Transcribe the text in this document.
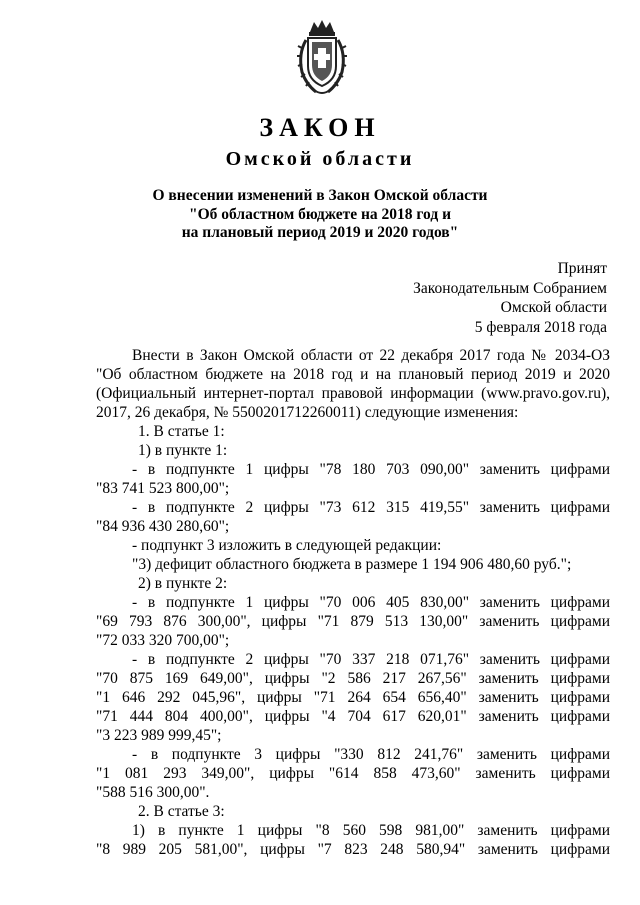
ЗАКОН
Омской области
О внесении изменений в Закон Омской области
"Об областном бюджете на 2018 год и
на плановый период 2019 и 2020 годов"
Принят
Законодательным Собранием
Омской области
5 февраля 2018 года
Внести в Закон Омской области от 22 декабря 2017 года № 2034-ОЗ
"Об областном бюджете на 2018 год и на плановый период 2019 и 2020
(Официальный интернет-портал правовой информации (www.pravo.gov.ru),
2017, 26 декабря, № 5500201712260011) следующие изменения:
1. В статье 1:
1) в пункте 1:
- в подпункте 1 цифры "78 180 703 090,00" заменить цифрами
"83 741 523 800,00";
- в подпункте 2 цифры "73 612 315 419,55" заменить цифрами
"84 936 430 280,60";
- подпункт 3 изложить в следующей редакции:
"3) дефицит областного бюджета в размере 1 194 906 480,60 руб.";
2) в пункте 2:
- в подпункте 1 цифры "70 006 405 830,00" заменить цифрами
"69 793 876 300,00", цифры "71 879 513 130,00" заменить цифрами
"72 033 320 700,00";
- в подпункте 2 цифры "70 337 218 071,76" заменить цифрами
"70 875 169 649,00", цифры "2 586 217 267,56" заменить цифрами
"1 646 292 045,96", цифры "71 264 654 656,40" заменить цифрами
"71 444 804 400,00", цифры "4 704 617 620,01" заменить цифрами
"3 223 989 999,45";
- в подпункте 3 цифры "330 812 241,76" заменить цифрами
"1 081 293 349,00", цифры "614 858 473,60" заменить цифрами
"588 516 300,00".
2. В статье 3:
1) в пункте 1 цифры "8 560 598 981,00" заменить цифрами
"8 989 205 581,00", цифры "7 823 248 580,94" заменить цифрами
